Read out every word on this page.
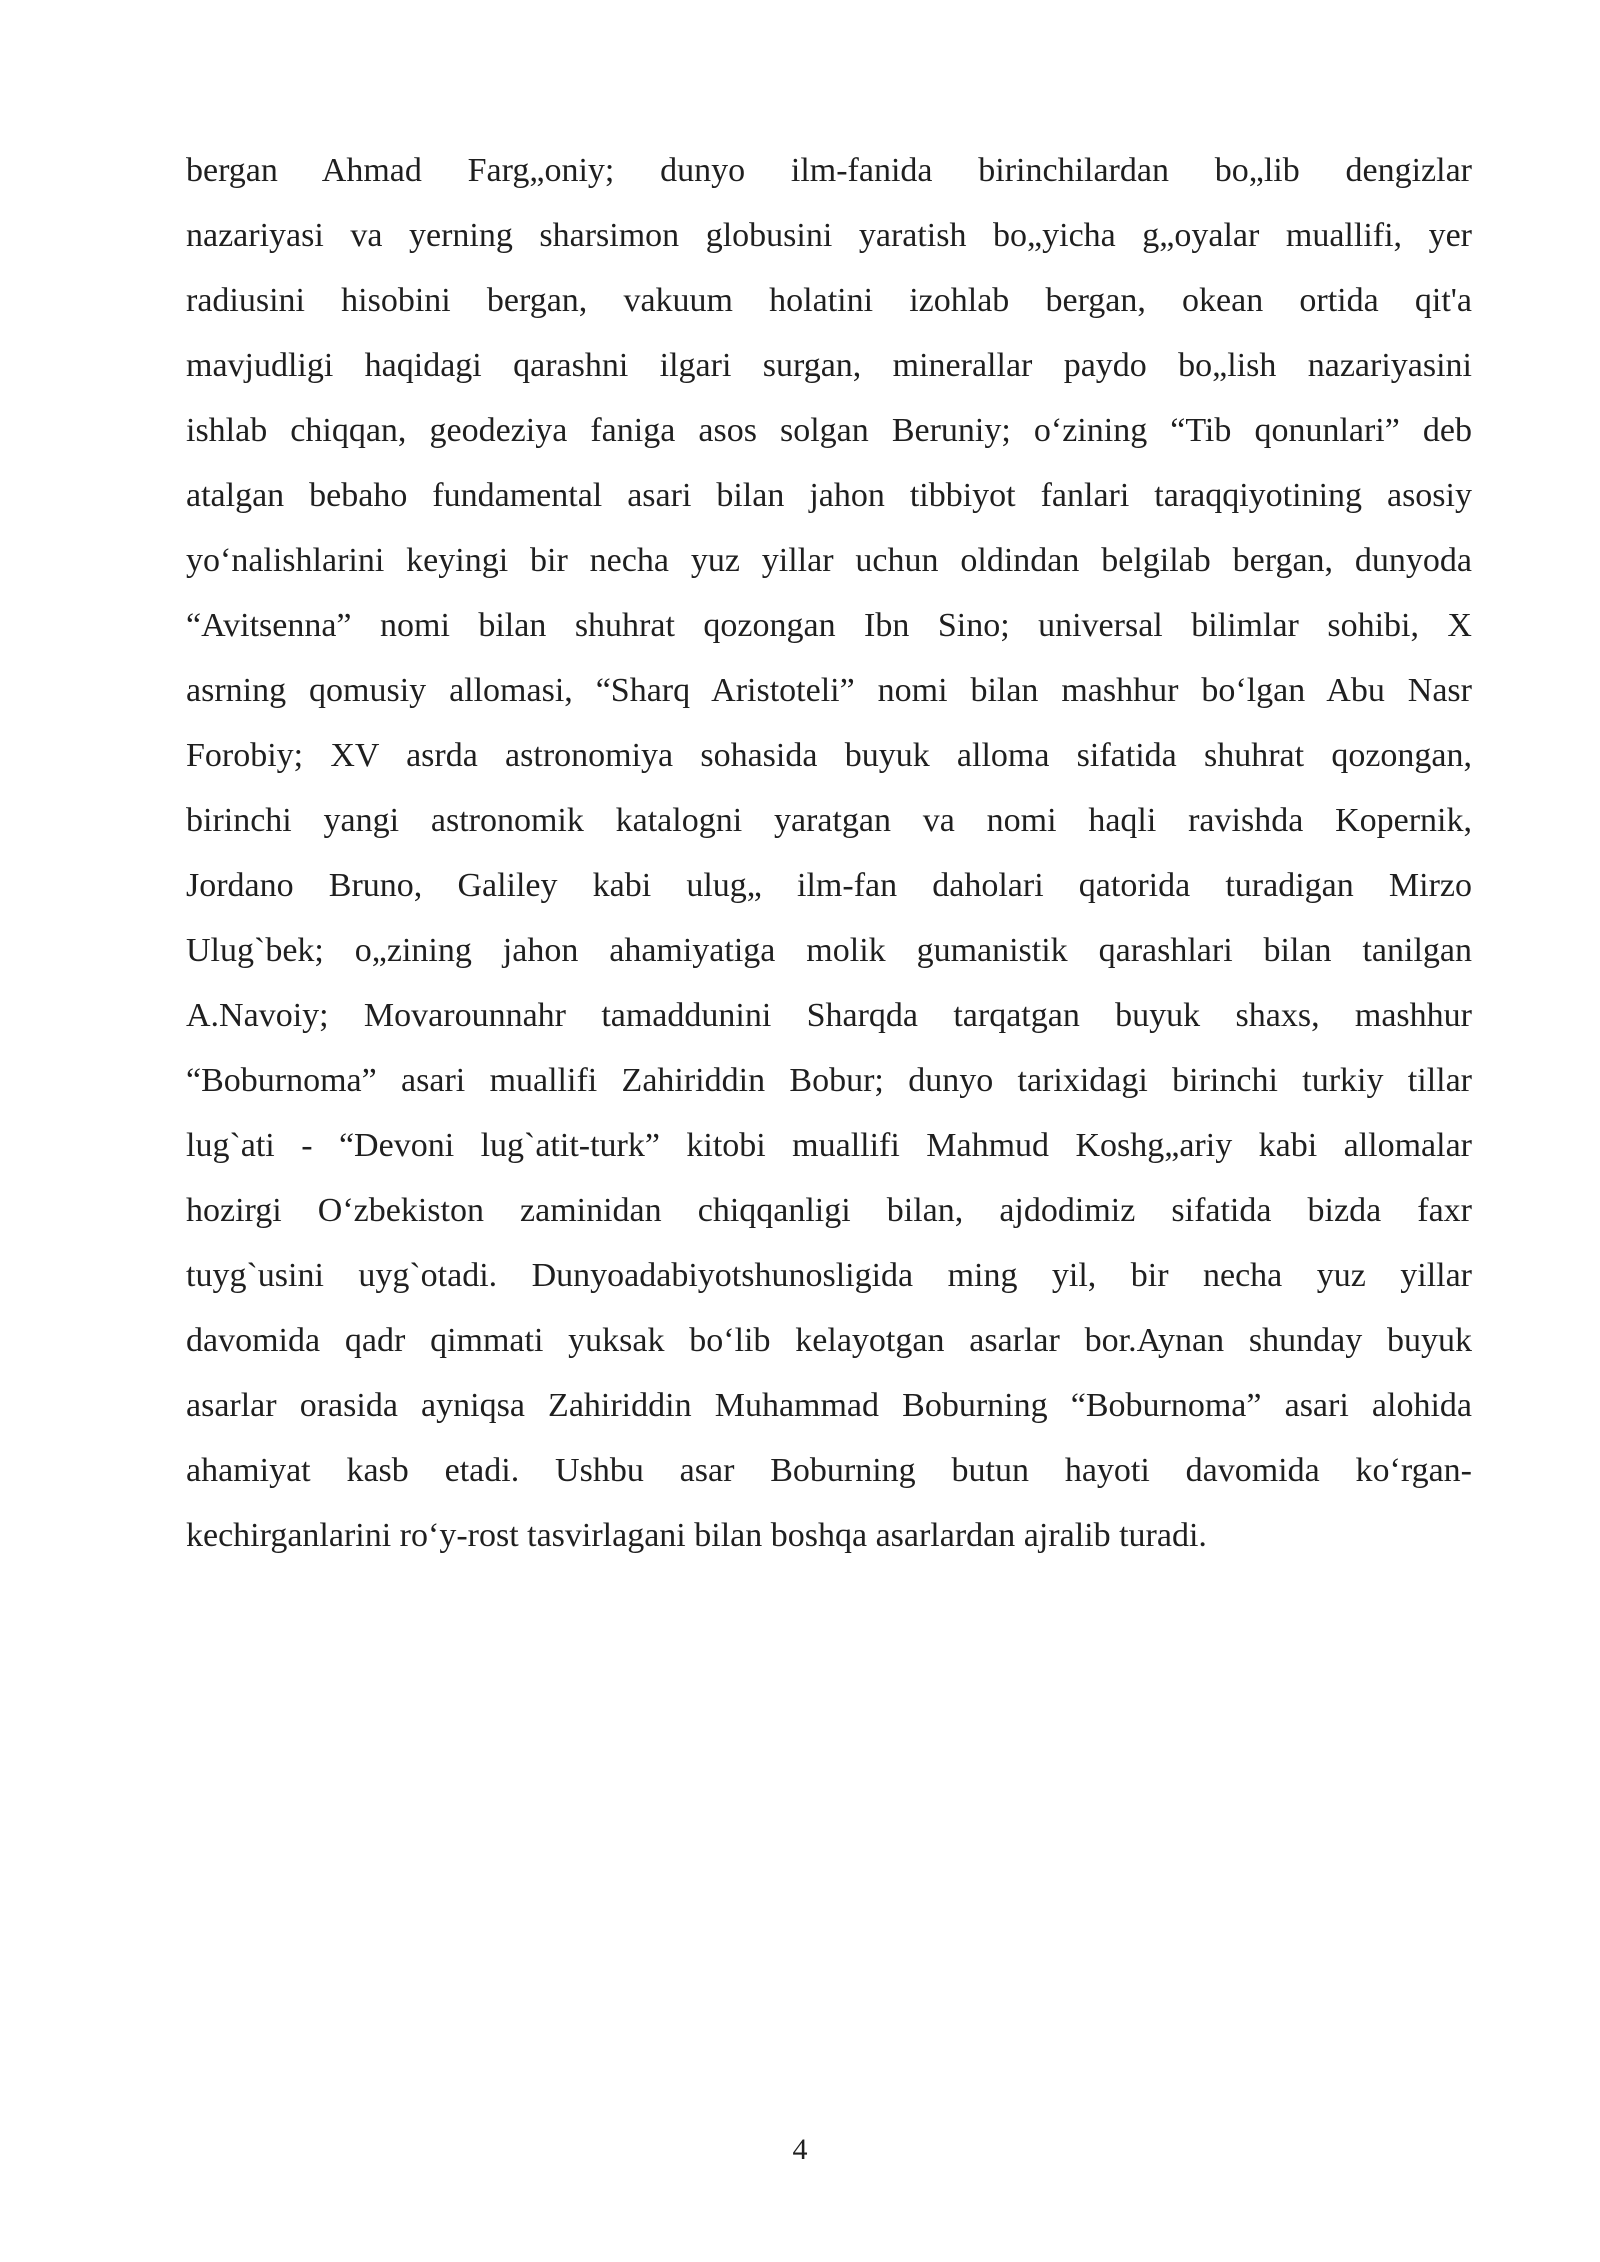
bergan Ahmad Farg„oniy; dunyo ilm-fanida birinchilardan bo„lib dengizlar
nazariyasi va yerning sharsimon globusini yaratish bo„yicha g„oyalar muallifi, yer
radiusini hisobini bergan, vakuum holatini izohlab bergan, okean ortida qit'a
mavjudligi haqidagi qarashni ilgari surgan, minerallar paydo bo„lish nazariyasini
ishlab chiqqan, geodeziya faniga asos solgan Beruniy; o‘zining “Tib qonunlari” deb
atalgan bebaho fundamental asari bilan jahon tibbiyot fanlari taraqqiyotining asosiy
yo‘nalishlarini keyingi bir necha yuz yillar uchun oldindan belgilab bergan, dunyoda
“Avitsenna” nomi bilan shuhrat qozongan Ibn Sino; universal bilimlar sohibi, X
asrning qomusiy allomasi, “Sharq Aristoteli” nomi bilan mashhur bo‘lgan Abu Nasr
Forobiy; XV asrda astronomiya sohasida buyuk alloma sifatida shuhrat qozongan,
birinchi yangi astronomik katalogni yaratgan va nomi haqli ravishda Kopernik,
Jordano Bruno, Galiley kabi ulug„ ilm-fan daholari qatorida turadigan Mirzo
Ulug`bek; o„zining jahon ahamiyatiga molik gumanistik qarashlari bilan tanilgan
A.Navoiy; Movarounnahr tamaddunini Sharqda tarqatgan buyuk shaxs, mashhur
“Boburnoma” asari muallifi Zahiriddin Bobur; dunyo tarixidagi birinchi turkiy tillar
lug`ati - “Devoni lug`atit-turk” kitobi muallifi Mahmud Koshg„ariy kabi allomalar
hozirgi O‘zbekiston zaminidan chiqqanligi bilan, ajdodimiz sifatida bizda faxr
tuyg`usini uyg`otadi. Dunyoadabiyotshunosligida ming yil, bir necha yuz yillar
davomida qadr qimmati yuksak bo‘lib kelayotgan asarlar bor.Aynan shunday buyuk
asarlar orasida ayniqsa Zahiriddin Muhammad Boburning “Boburnoma” asari alohida
ahamiyat kasb etadi. Ushbu asar Boburning butun hayoti davomida ko‘rgan-
kechirganlarini ro‘y-rost tasvirlagani bilan boshqa asarlardan ajralib turadi.
4
